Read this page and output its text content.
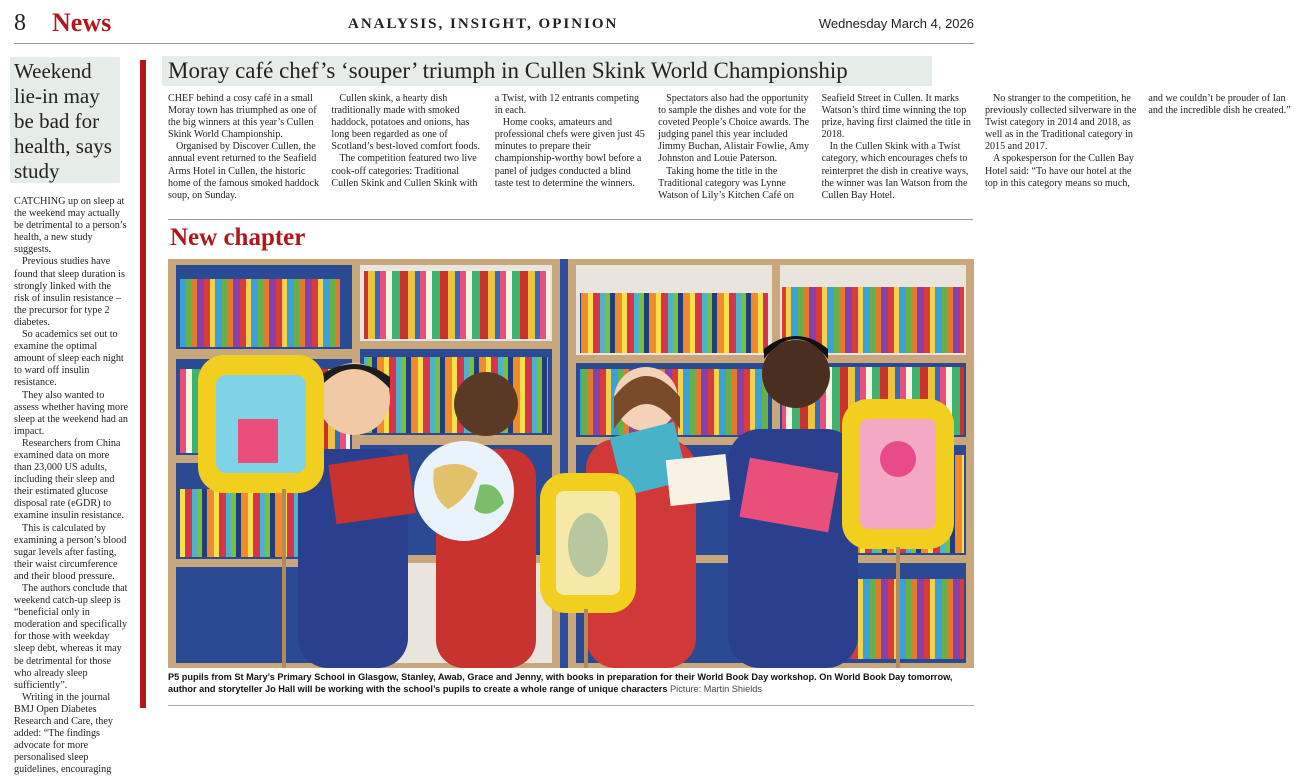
8 News	ANALYSIS, INSIGHT, OPINION	Wednesday March 4, 2026
Weekend lie-in may be bad for health, says study

CATCHING up on sleep at the weekend may actually be detrimental to a person’s health, a new study suggests.

Previous studies have found that sleep duration is strongly linked with the risk of insulin resistance – the precursor for type 2 diabetes.

So academics set out to examine the optimal amount of sleep each night to ward off insulin resistance.

They also wanted to assess whether having more sleep at the weekend had an impact.

Researchers from China examined data on more than 23,000 US adults, including their sleep and their estimated glucose disposal rate (eGDR) to examine insulin resistance.

This is calculated by examining a person’s blood sugar levels after fasting, their waist circumference and their blood pressure.

The authors conclude that weekend catch-up sleep is “beneficial only in moderation and specifically for those with weekday sleep debt, whereas it may be detrimental for those who already sleep sufficiently”.

Writing in the journal BMJ Open Diabetes Research and Care, they added: “The findings advocate for more personalised sleep guidelines, encouraging

Moray café chef’s ‘souper’ triumph in Cullen Skink World Championship

CHEF behind a cosy café in a small Moray town has triumphed as one of the big winners at this year’s Cullen Skink World Championship.

Organised by Discover Cullen, the annual event returned to the Seafield Arms Hotel in Cullen, the historic home of the famous smoked haddock soup, on Sunday.

Cullen skink, a hearty dish traditionally made with smoked haddock, potatoes and onions, has long been regarded as one of Scotland’s best-loved comfort foods.

The competition featured two live cook-off categories: Traditional Cullen Skink and Cullen Skink with a Twist, with 12 entrants competing in each.

Home cooks, amateurs and professional chefs were given just 45 minutes to prepare their championship-worthy bowl before a panel of judges conducted a blind taste test to determine the winners.

Spectators also had the opportunity to sample the dishes and vote for the coveted People’s Choice awards. The judging panel this year included Jimmy Buchan, Alistair Fowlie, Amy Johnston and Louie Paterson.

Taking home the title in the Traditional category was Lynne Watson of Lily’s Kitchen Café on Seafield Street in Cullen. It marks Watson’s third time winning the top prize, having first claimed the title in 2018.

In the Cullen Skink with a Twist category, which encourages chefs to reinterpret the dish in creative ways, the winner was Ian Watson from the Cullen Bay Hotel.

No stranger to the competition, he previously collected silverware in the Twist category in 2014 and 2018, as well as in the Traditional category in 2015 and 2017.

A spokesperson for the Cullen Bay Hotel said: “To have our hotel at the top in this category means so much, and we couldn’t be prouder of Ian and the incredible dish he created.”

New chapter
P5 pupils from St Mary’s Primary School in Glasgow, Stanley, Awab, Grace and Jenny, with books in preparation for their World Book Day workshop. On World Book Day tomorrow, author and storyteller Jo Hall will be working with the school’s pupils to create a whole range of unique characters Picture: Martin Shields
